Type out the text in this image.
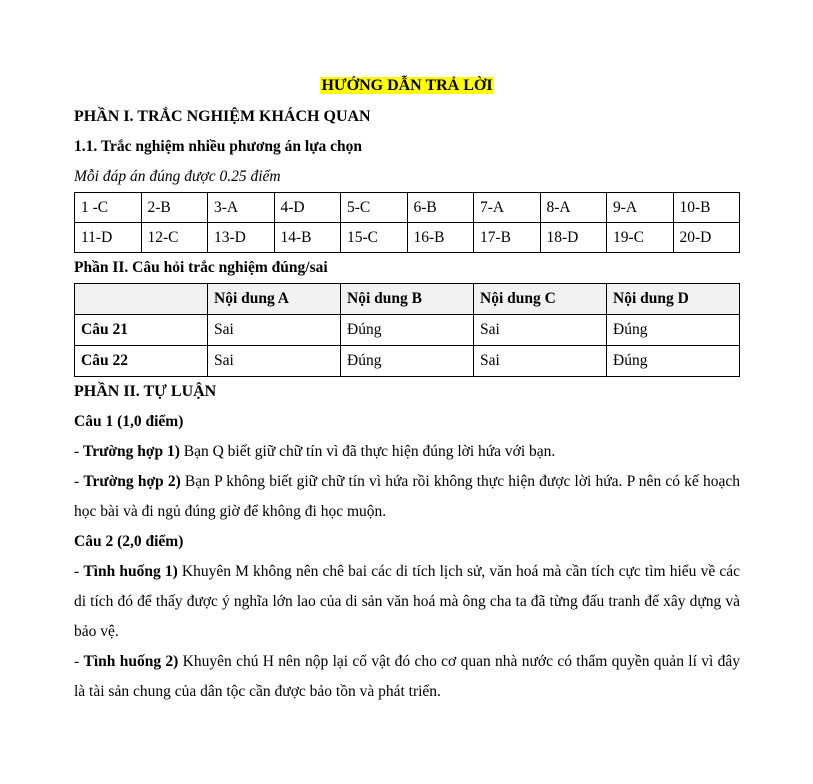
HƯỚNG DẪN TRẢ LỜI
PHẦN I. TRẮC NGHIỆM KHÁCH QUAN
1.1. Trắc nghiệm nhiều phương án lựa chọn
Mỗi đáp án đúng được 0.25 điểm
1 -C	2-B	3-A	4-D	5-C	6-B	7-A	8-A	9-A	10-B
11-D	12-C	13-D	14-B	15-C	16-B	17-B	18-D	19-C	20-D
Phần II. Câu hỏi trắc nghiệm đúng/sai
	Nội dung A	Nội dung B	Nội dung C	Nội dung D
Câu 21	Sai	Đúng	Sai	Đúng
Câu 22	Sai	Đúng	Sai	Đúng
PHẦN II. TỰ LUẬN
Câu 1 (1,0 điểm)
- Trường hợp 1) Bạn Q biết giữ chữ tín vì đã thực hiện đúng lời hứa với bạn.
- Trường hợp 2) Bạn P không biết giữ chữ tín vì hứa rồi không thực hiện được lời hứa. P nên có kế hoạch học bài và đi ngủ đúng giờ để không đi học muộn.
Câu 2 (2,0 điểm)
- Tình huống 1) Khuyên M không nên chê bai các di tích lịch sử, văn hoá mà cần tích cực tìm hiểu về các di tích đó để thấy được ý nghĩa lớn lao của di sản văn hoá mà ông cha ta đã từng đấu tranh để xây dựng và bảo vệ.
- Tình huống 2) Khuyên chú H nên nộp lại cổ vật đó cho cơ quan nhà nước có thẩm quyền quản lí vì đây là tài sản chung của dân tộc cần được bảo tồn và phát triển.
